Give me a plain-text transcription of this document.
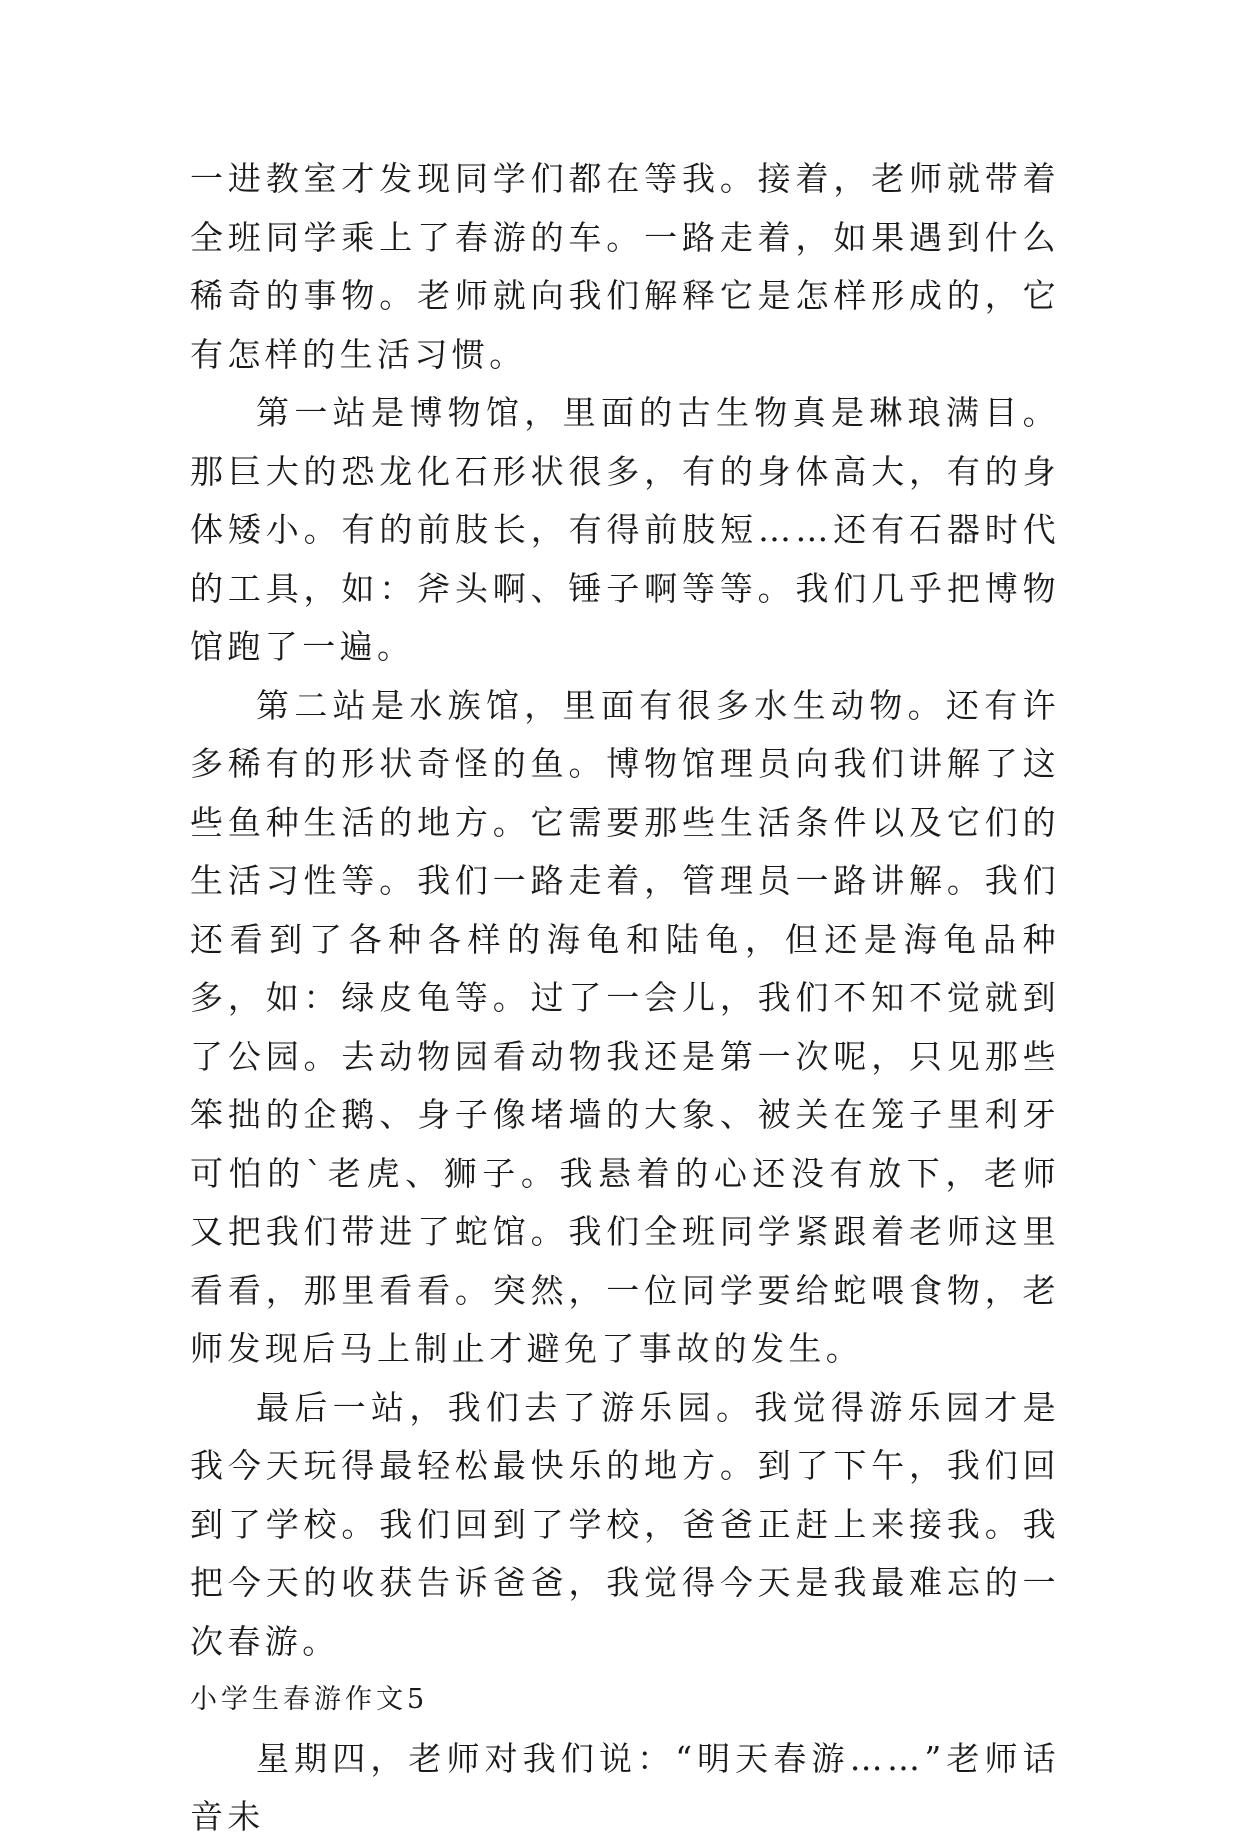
一进教室才发现同学们都在等我。接着，老师就带着全班同学乘上了春游的车。一路走着，如果遇到什么稀奇的事物。老师就向我们解释它是怎样形成的，它有怎样的生活习惯。

第一站是博物馆，里面的古生物真是琳琅满目。那巨大的恐龙化石形状很多，有的身体高大，有的身体矮小。有的前肢长，有得前肢短……还有石器时代的工具，如：斧头啊、锤子啊等等。我们几乎把博物馆跑了一遍。

第二站是水族馆，里面有很多水生动物。还有许多稀有的形状奇怪的鱼。博物馆理员向我们讲解了这些鱼种生活的地方。它需要那些生活条件以及它们的生活习性等。我们一路走着，管理员一路讲解。我们还看到了各种各样的海龟和陆龟，但还是海龟品种多，如：绿皮龟等。过了一会儿，我们不知不觉就到了公园。去动物园看动物我还是第一次呢，只见那些笨拙的企鹅、身子像堵墙的大象、被关在笼子里利牙可怕的`老虎、狮子。我悬着的心还没有放下，老师又把我们带进了蛇馆。我们全班同学紧跟着老师这里看看，那里看看。突然，一位同学要给蛇喂食物，老师发现后马上制止才避免了事故的发生。

最后一站，我们去了游乐园。我觉得游乐园才是我今天玩得最轻松最快乐的地方。到了下午，我们回到了学校。我们回到了学校，爸爸正赶上来接我。我把今天的收获告诉爸爸，我觉得今天是我最难忘的一次春游。

小学生春游作文5

星期四，老师对我们说：“明天春游……”老师话音未
